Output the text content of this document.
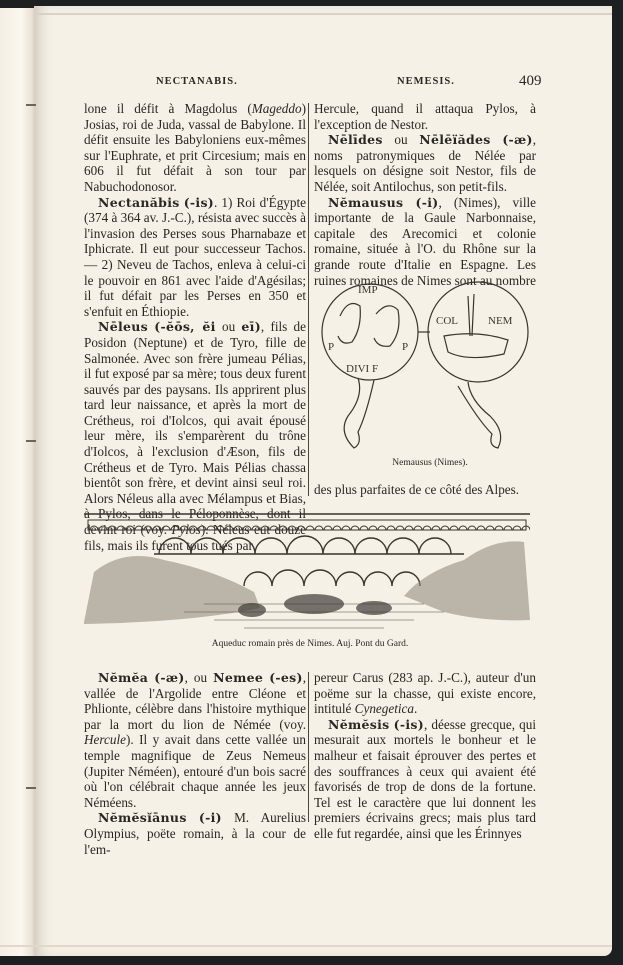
NECTANABIS.	NEMESIS.	409

lone il défit à Magdolus (Mageddo) Josias, roi de Juda, vassal de Babylone. Il défit ensuite les Babyloniens eux-mêmes sur l'Euphrate, et prit Circesium; mais en 606 il fut défait à son tour par Nabuchodonosor.

Nectanăbis (-is). 1) Roi d'Égypte (374 à 364 av. J.-C.), résista avec succès à l'invasion des Perses sous Pharnabaze et Iphicrate. Il eut pour successeur Tachos. — 2) Neveu de Tachos, enleva à celui-ci le pouvoir en 861 avec l'aide d'Agésilas; il fut défait par les Perses en 350 et s'enfuit en Éthiopie.

Nēleus (-ĕōs, ĕi ou eī), fils de Posidon (Neptune) et de Tyro, fille de Salmonée. Avec son frère jumeau Pélias, il fut exposé par sa mère; tous deux furent sauvés par des paysans. Ils apprirent plus tard leur naissance, et après la mort de Crétheus, roi d'Iolcos, qui avait épousé leur mère, ils s'emparèrent du trône d'Iolcos, à l'exclusion d'Æson, fils de Crétheus et de Tyro. Mais Pélias chassa bientôt son frère, et devint ainsi seul roi. Alors Néleus alla avec Mélampus et Bias, à Pylos, dans le Péloponnèse, dont il devint roi (voy. Pylos). Néleus eut douze fils, mais ils furent tous tués par

Hercule, quand il attaqua Pylos, à l'exception de Nestor.

Nēlīdes ou Nēlēïădes (-æ), noms patronymiques de Nélée par lesquels on désigne soit Nestor, fils de Nélée, soit Antilochus, son petit-fils.

Nĕmausus (-i), (Nimes), ville importante de la Gaule Narbonnaise, capitale des Arecomici et colonie romaine, située à l'O. du Rhône sur la grande route d'Italie en Espagne. Les ruines romaines de Nimes sont au nombre

IMP
DIVI F
P	P
COL	NEM
Nemausus (Nimes).

des plus parfaites de ce côté des Alpes.

Aqueduc romain près de Nimes. Auj. Pont du Gard.

Nĕmĕa (-æ), ou Nemee (-es), vallée de l'Argolide entre Cléone et Phlionte, célèbre dans l'histoire mythique par la mort du lion de Némée (voy. Hercule). Il y avait dans cette vallée un temple magnifique de Zeus Nemeus (Jupiter Néméen), entouré d'un bois sacré où l'on célébrait chaque année les jeux Néméens.

Nĕmĕsĭānus (-i) M. Aurelius Olympius, poëte romain, à la cour de l'em-

pereur Carus (283 ap. J.-C.), auteur d'un poëme sur la chasse, qui existe encore, intitulé Cynegetica.

Nĕmĕsis (-is), déesse grecque, qui mesurait aux mortels le bonheur et le malheur et faisait éprouver des pertes et des souffrances à ceux qui avaient été favorisés de trop de dons de la fortune. Tel est le caractère que lui donnent les premiers écrivains grecs; mais plus tard elle fut regardée, ainsi que les Érinnyes
